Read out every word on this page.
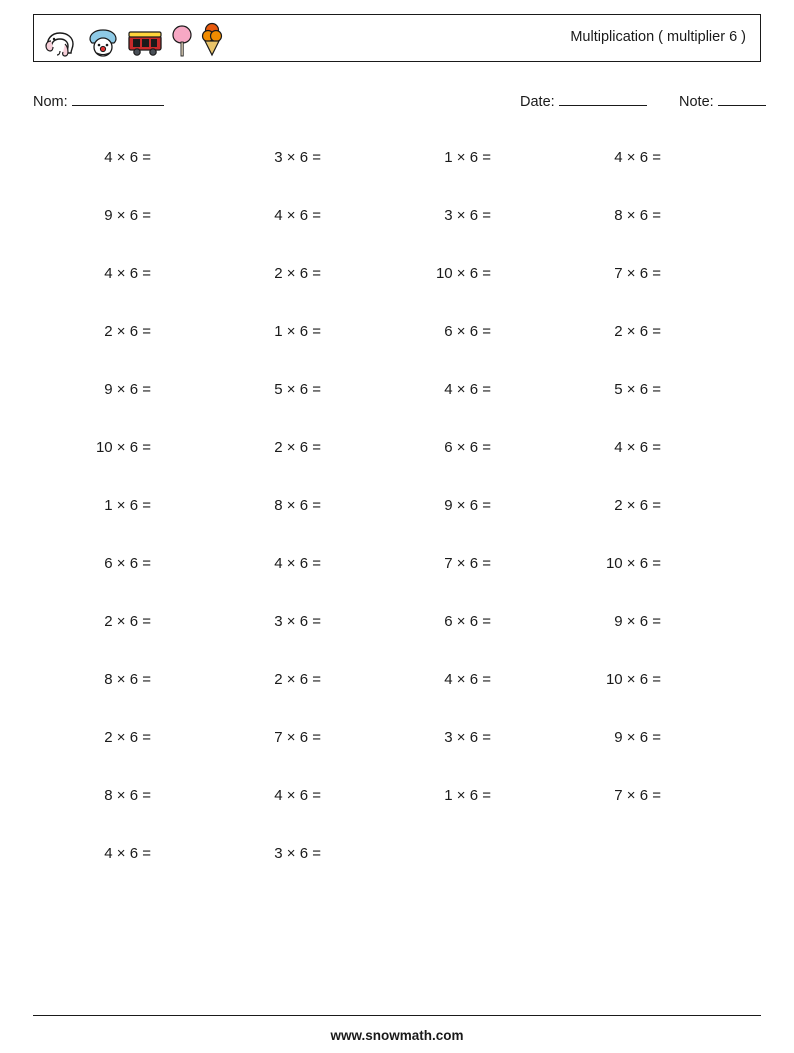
Multiplication ( multiplier 6 )
Nom:	Date:	Note:
4 × 6 =	3 × 6 =	1 × 6 =	4 × 6 =
9 × 6 =	4 × 6 =	3 × 6 =	8 × 6 =
4 × 6 =	2 × 6 =	10 × 6 =	7 × 6 =
2 × 6 =	1 × 6 =	6 × 6 =	2 × 6 =
9 × 6 =	5 × 6 =	4 × 6 =	5 × 6 =
10 × 6 =	2 × 6 =	6 × 6 =	4 × 6 =
1 × 6 =	8 × 6 =	9 × 6 =	2 × 6 =
6 × 6 =	4 × 6 =	7 × 6 =	10 × 6 =
2 × 6 =	3 × 6 =	6 × 6 =	9 × 6 =
8 × 6 =	2 × 6 =	4 × 6 =	10 × 6 =
2 × 6 =	7 × 6 =	3 × 6 =	9 × 6 =
8 × 6 =	4 × 6 =	1 × 6 =	7 × 6 =
4 × 6 =	3 × 6 =
www.snowmath.com
